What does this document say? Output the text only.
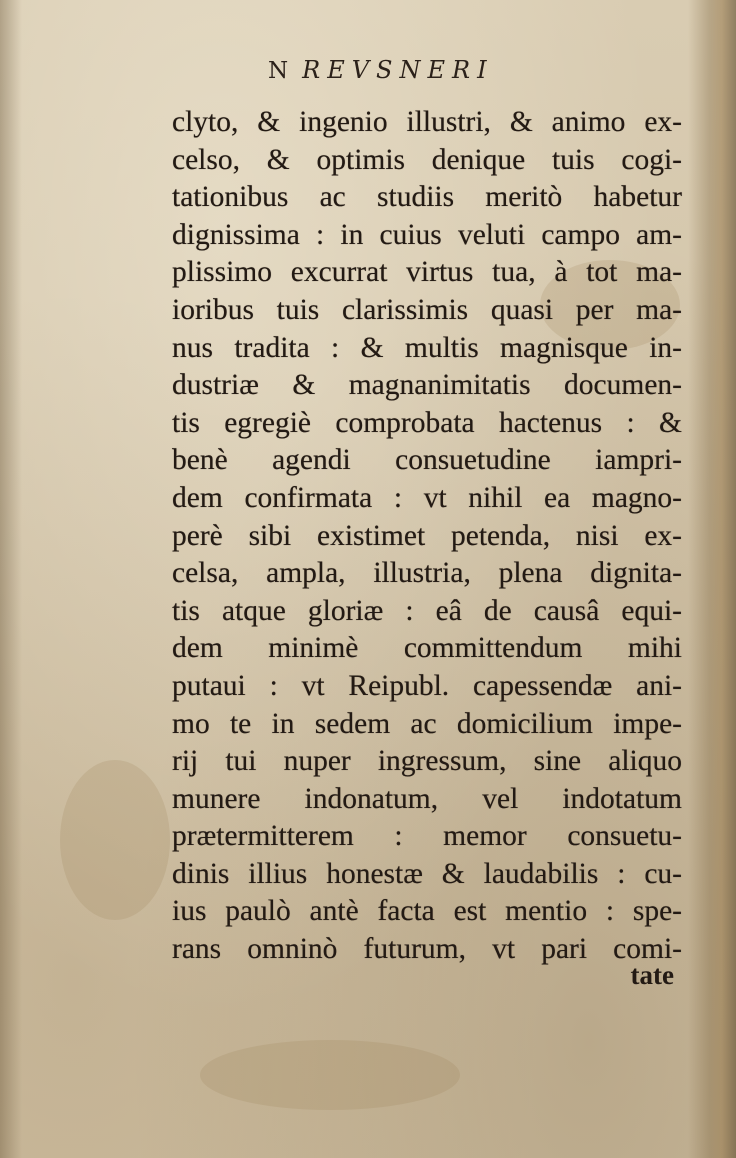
N REVSNERI
clyto, & ingenio illustri, & animo ex-
celso, & optimis denique tuis cogi-
tationibus ac studiis meritò habetur
dignissima : in cuius veluti campo am-
plissimo excurrat virtus tua, à tot ma-
ioribus tuis clarissimis quasi per ma-
nus tradita : & multis magnisque in-
dustriæ & magnanimitatis documen-
tis egregiè comprobata hactenus : &
benè agendi consuetudine iampri-
dem confirmata : vt nihil ea magno-
perè sibi existimet petenda, nisi ex-
celsa, ampla, illustria, plena dignita-
tis atque gloriæ : eâ de causâ equi-
dem minimè committendum mihi
putaui : vt Reipubl. capessendæ ani-
mo te in sedem ac domicilium impe-
rij tui nuper ingressum, sine aliquo
munere indonatum, vel indotatum
prætermitterem : memor consuetu-
dinis illius honestæ & laudabilis : cu-
ius paulò antè facta est mentio : spe-
rans omninò futurum, vt pari comi-
tate
